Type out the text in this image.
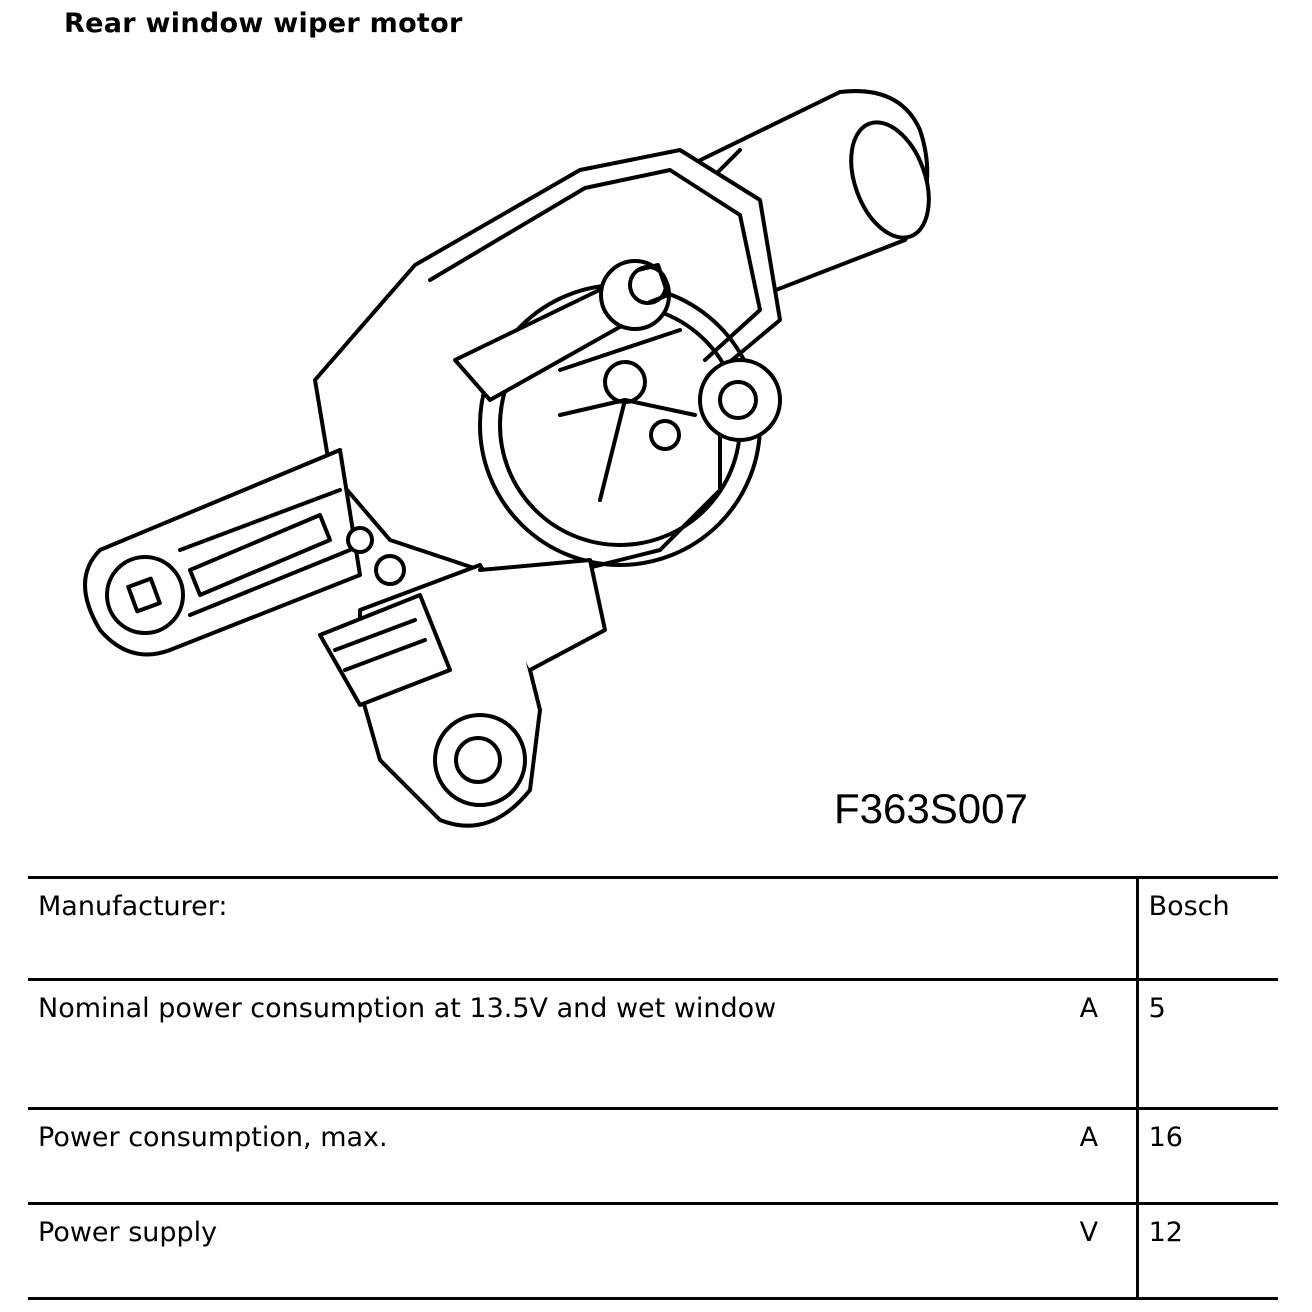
Rear window wiper motor
F363S007
Manufacturer:		Bosch
Nominal power consumption at 13.5V and wet window	A	5
Power consumption, max.	A	16
Power supply	V	12
